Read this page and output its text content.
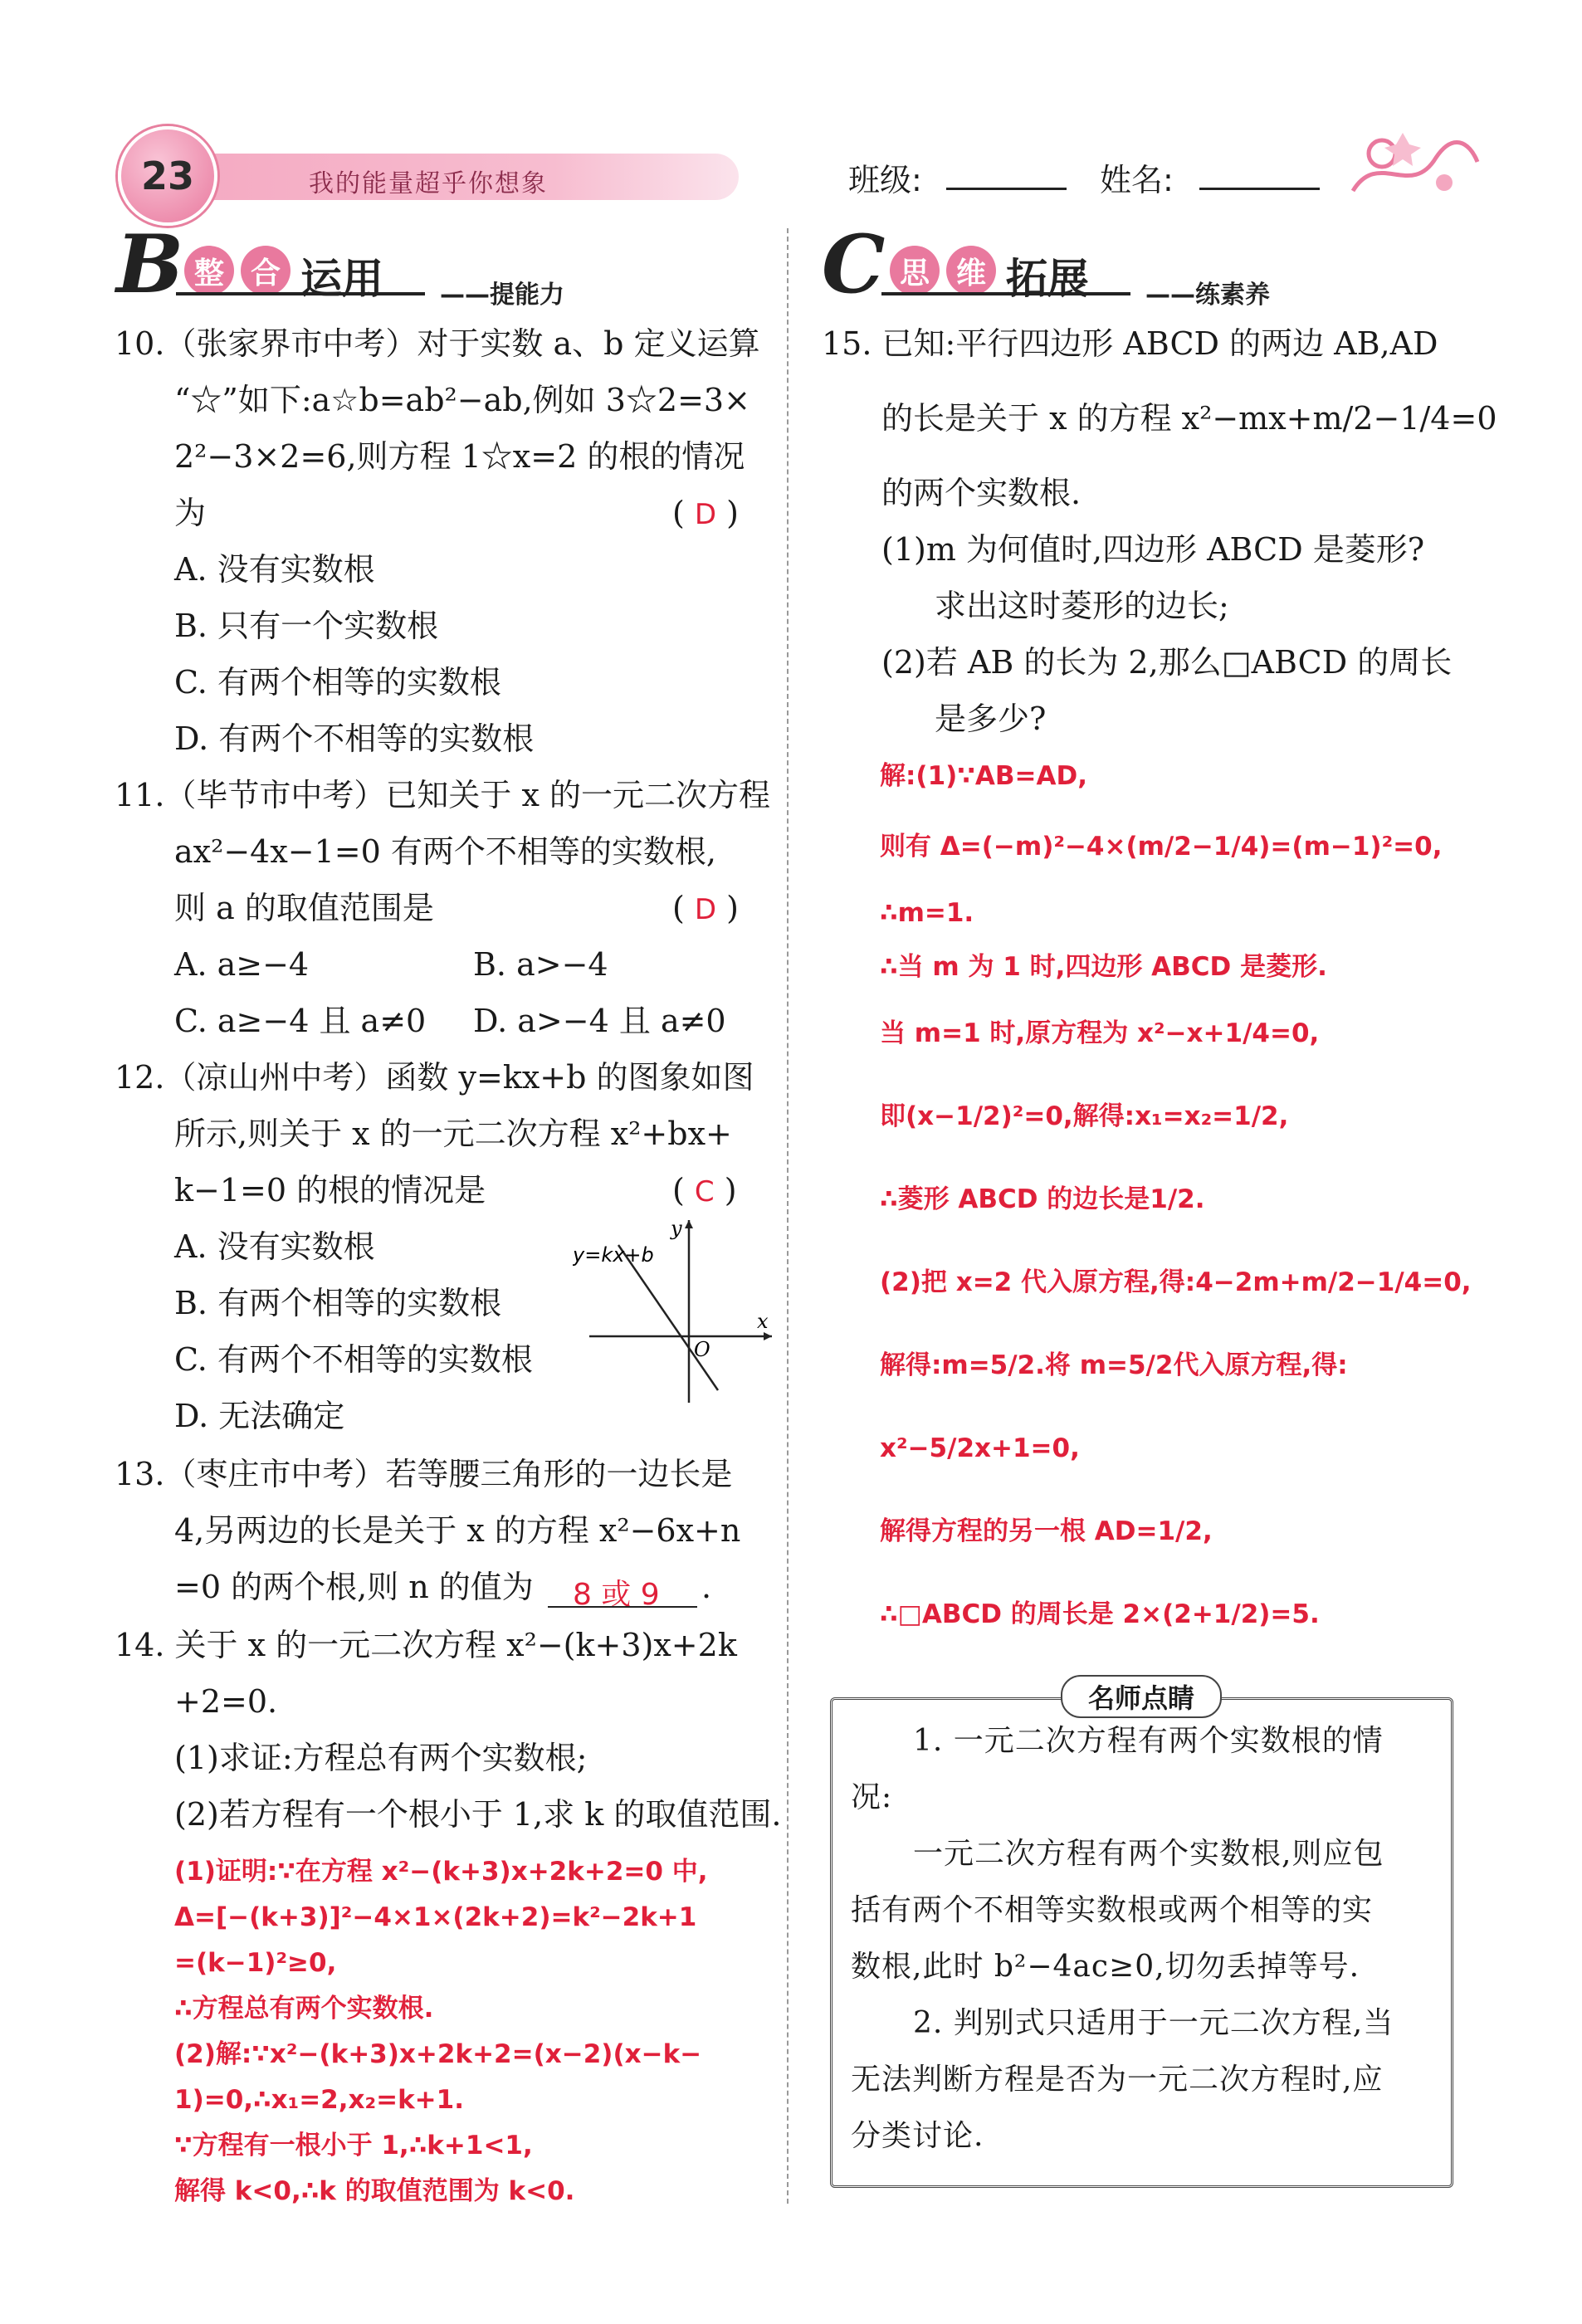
23	我的能量超乎你想象	班级:	姓名:
B 整 合 运用 ——提能力	C 思 维 拓展 ——练素养
10.（张家界市中考）对于实数 a、b 定义运算
“☆”如下:a☆b=ab²−ab,例如 3☆2=3×
2²−3×2=6,则方程 1☆x=2 的根的情况
为	( D )
A. 没有实数根
B. 只有一个实数根
C. 有两个相等的实数根
D. 有两个不相等的实数根
11.（毕节市中考）已知关于 x 的一元二次方程
ax²−4x−1=0 有两个不相等的实数根,
则 a 的取值范围是	( D )
A. a≥−4	B. a>−4
C. a≥−4 且 a≠0 D. a>−4 且 a≠0
12.（凉山州中考）函数 y=kx+b 的图象如图
所示,则关于 x 的一元二次方程 x²+bx+
k−1=0 的根的情况是	( C )
A. 没有实数根
B. 有两个相等的实数根
C. 有两个不相等的实数根
D. 无法确定
y=kx+b
y
x
O
13.（枣庄市中考）若等腰三角形的一边长是
4,另两边的长是关于 x 的方程 x²−6x+n
=0 的两个根,则 n 的值为 8 或 9 .
14. 关于 x 的一元二次方程 x²−(k+3)x+2k
+2=0.
(1)求证:方程总有两个实数根;
(2)若方程有一个根小于 1,求 k 的取值范围.
(1)证明:∵在方程 x²−(k+3)x+2k+2=0 中,
Δ=[−(k+3)]²−4×1×(2k+2)=k²−2k+1
=(k−1)²≥0,
∴方程总有两个实数根.
(2)解:∵x²−(k+3)x+2k+2=(x−2)(x−k−
1)=0,∴x₁=2,x₂=k+1.
∵方程有一根小于 1,∴k+1<1,
解得 k<0,∴k 的取值范围为 k<0.
15. 已知:平行四边形 ABCD 的两边 AB,AD
的长是关于 x 的方程 x²−mx+m/2−1/4=0
的两个实数根.
(1)m 为何值时,四边形 ABCD 是菱形?
求出这时菱形的边长;
(2)若 AB 的长为 2,那么□ABCD 的周长
是多少?
解:(1)∵AB=AD,
则有 Δ=(−m)²−4×(m/2−1/4)=(m−1)²=0,
∴m=1.
∴当 m 为 1 时,四边形 ABCD 是菱形.
当 m=1 时,原方程为 x²−x+1/4=0,
即(x−1/2)²=0,解得:x₁=x₂=1/2,
∴菱形 ABCD 的边长是1/2.
(2)把 x=2 代入原方程,得:4−2m+m/2−1/4=0,
解得:m=5/2.将 m=5/2代入原方程,得:
x²−5/2x+1=0,
解得方程的另一根 AD=1/2,
∴□ABCD 的周长是 2×(2+1/2)=5.
名师点睛
1. 一元二次方程有两个实数根的情
况:
一元二次方程有两个实数根,则应包
括有两个不相等实数根或两个相等的实
数根,此时 b²−4ac≥0,切勿丢掉等号.
2. 判别式只适用于一元二次方程,当
无法判断方程是否为一元二次方程时,应
分类讨论.
